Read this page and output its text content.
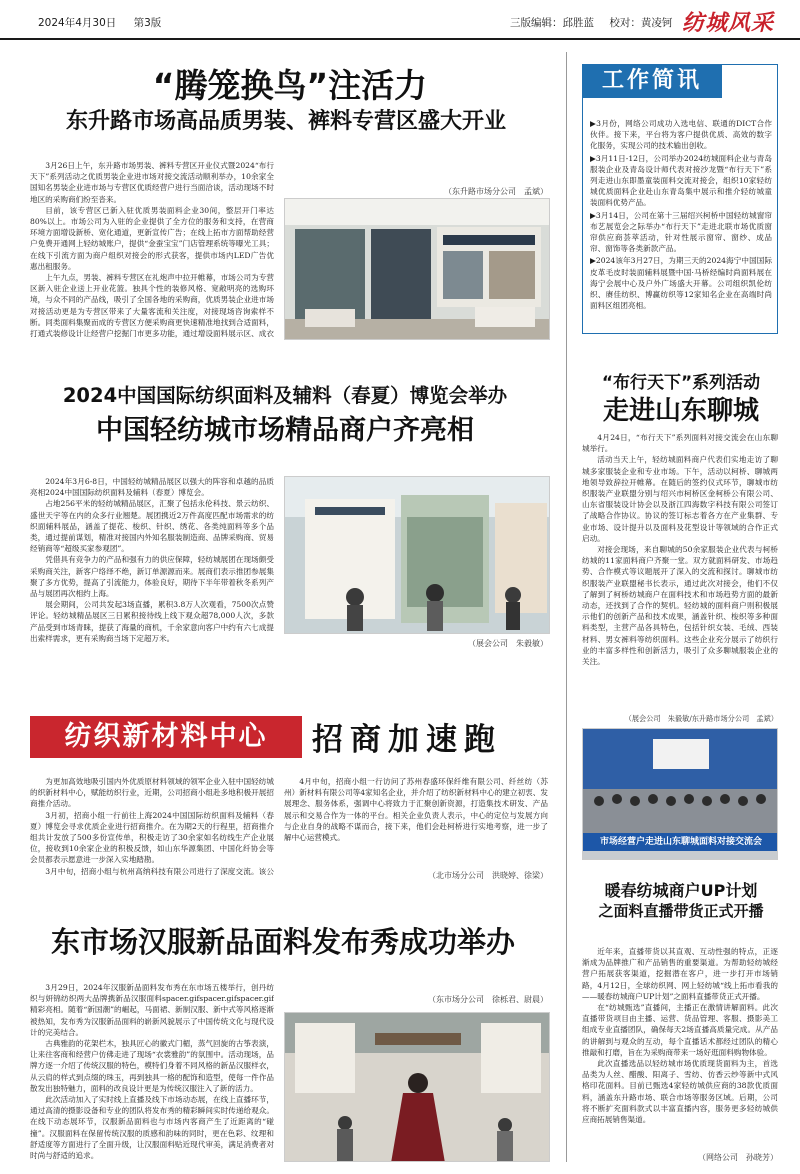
2024年4月30日 第3版	三版编辑：邱胜蓝 校对：黄凌钶 纺城风采
“腾笼换鸟”注活力
东升路市场高品质男装、裤料专营区盛大开业

3月26日上午，东升路市场男装、裤料专营区开业仪式暨2024“布行天下”系列活动之优质男装企业进市场对接交流活动顺利举办，10余家全国知名男装企业进市场与专营区优质经营户进行当面洽谈，活动现场不时地区的采购商们纷至沓来。

目前，该专营区已新入驻优质男装面料企业30间，整层开门率达80%以上。市场公司为入驻的企业提供了全方位的服务和支持，在营商环境方面增设新桥、宽化通道，更新宣传广告；在线上拓市方面帮助经营户免费开通网上轻纺城账户，提供“金蚕宝宝”门店管理系统等曝光工具；在线下引流方面为商户组织对接会的形式获客，提供市场内LED广告优惠出租服务。

上午九点，男装、裤料专营区在礼炮声中拉开帷幕，市场公司为专营区新入驻企业送上开业花篮。独具个性的装修风格、宽敞明亮的选购环境，与众不同的产品线，吸引了全国各地的采购商，优质男装企业进市场对接活动更是为专营区带来了大量客流和关注度，对接现场咨询索样不断。同类面料集聚而成的专营区方便采购商更快速精准地找到合适面料，打通式装修设计让经营户挖掘门市更多功能，通过增设面料展示区、成衣

（东升路市场分公司　孟斌）
2024中国国际纺织面料及辅料（春夏）博览会举办
中国轻纺城市场精品商户齐亮相

2024年3月6-8日，中国轻纺城精品展区以强大的阵容和卓越的品质亮相2024中国国际纺织面料及辅料（春夏）博览会。

占地256平米的轻纺城精品展区，汇聚了包括永伦科技、景云纺织、盛世天宇等在内的众多行业翘楚。展团携近2万件高度匹配市场需求的纺织面辅料展品，涵盖了提花、梭织、针织、绣花、各类纯面料等多个品类，通过提前谋划，精准对接国内外知名服装制造商、品牌采购商、贸易经销商等“超级买家参观团”。

凭借具有竞争力的产品和强有力的供应保障，轻纺城展团在现场颇受采购商关注，新客户络绎不绝，新订单源源而来。展商们表示推团参展集聚了多方优势，提高了引流能力，体验良好，期待下半年带着秋冬系列产品与展团再次相约上海。

展会期间，公司共发起3场直播，累积3.8万人次观看，7500次点赞评论。轻纺城精品展区三日累积接待线上线下观众超78,000人次，多款产品受到市场青睐，提获了海量的商机，千余家意向客户中约有六七成提出索样需求，更有采购商当场下定超万米。

（展会公司　朱毅敏）
纺织新材料中心	招商加速跑

为更加高效地吸引国内外优质原材料领域的领军企业入驻中国轻纺城的织新材料中心，赋能纺织行业，近期，公司招商小组赴多地积极开展招商推介活动。

3月初，招商小组一行前往上海2024中国国际纺织面料及辅料（春夏）博览会寻求优质企业进行招商推介。在为期2天的行程里，招商推介组共计发放了500多份宣传单，积极走访了30余家如名纺线生产企业展位，接收到10余家企业的积极反馈，如山东华源集团、中国化纤协会等会员都表示愿意进一步深入实地踏勘。

3月中旬，招商小组与杭州高纳科技有限公司进行了深度交流。该公

4月中旬，招商小组一行访问了苏州春盛环保纤维有限公司、纤丝纺（苏州）新材料有限公司等4家知名企业，并介绍了纺织新材料中心的建立初衷、发展理念、服务体系，强调中心将致力于汇聚创新资源，打造集技术研发、产品展示和交易合作为一体的平台。相关企业负责人表示，中心的定位与发展方向与企业自身的战略不谋而合，接下来，他们会赴柯桥进行实地考察，进一步了解中心运营模式。

（北市场分公司　洪晓婷、徐梁）
东市场汉服新品面料发布秀成功举办

3月29日，2024年汉服新品面料发布秀在东市场五楼举行，创丹纺织与妍锦纺织两大品牌携新品汉服面料spacer.gifspacer.gifspacer.gif精彩亮相。随着“新国潮”的崛起，马面裙、新制汉服、新中式等风格逐渐被热知，发布秀为汉服新品面料的崭新风貌展示了中国传统文化与现代设计的完美结合。

古典雅韵的花架栏木，独具匠心的徽式门楣，蒸气回旋的古筝表演，让来往客商和经营户仿佛走进了现场“衣裳雅韵”的氛围中。活动现场，品牌方逐一介绍了传统汉服的特色，模特们身着不同风格的新品汉服样衣，从云肩的样式到点缀的珠玉，再到独具一格的配饰和造型，使每一件作品散发出独特魅力，面料的改良设计更是为传统汉服注入了新的活力。

此次活动加入了实时线上直播及线下市场动态展，在线上直播环节，通过高清的摄影设备和专业的团队将发布秀的精彩瞬间实时传递给观众。在线下动态展环节，汉服新品面料也与市场内客商产生了近距离的“碰撞”。汉服面料在保留传统汉服的质感和韵味的同时，更在色彩、纹理和舒适度等方面进行了全面升级，让汉服面料贴近现代审美，满足消费者对时尚与舒适的追求。

（东市场分公司　徐栎君、尉晨）
工作简讯

▶3月份，网络公司成功入选电信、联通的DICT合作伙伴。接下来，平台将为客户提供优质、高效的数字化服务，实现公司的技术输出创收。

▶3月11日-12日，公司举办2024纺城面料企业与青岛服装企业及青岛设计师代表对接沙龙暨“布行天下”系列走进山东即墨童装面料交流对接会，组织10家轻纺城优质面料企业赴山东青岛集中展示和推介轻纺城童装面料优势产品。

▶3月14日，公司在第十三届绍兴柯桥中国轻纺城窗帘布艺展览会之际举办“布行天下”走进北联市场优质窗帘供应商荟萃活动，针对性展示窗帘、窗纱、成品帘、窗饰等各类新款产品。

▶2024该年3月27日，为期三天的2024海宁中国国际皮革毛皮时装面辅料展暨中国·马桥经编时尚面料展在海宁会展中心及户外广场盛大开幕。公司组织凯伦纺织、赓佳纺织、博赢纺织等12家知名企业在高端时尚面料区组团亮相。

“布行天下”系列活动
走进山东聊城

4月24日，“布行天下”系列面料对接交流会在山东聊城举行。

活动当天上午，轻纺城面料商户代表们实地走访了聊城多家服装企业和专业市场。下午，活动以柯桥、聊城两地领导致辞拉开帷幕。在随后的签约仪式环节，聊城市纺织服装产业联盟分别与绍兴市柯桥区金柯桥公有限公司、山东省服装设计协会以及浙江四海数字科技有限公司签订了战略合作协议。协议的签订标志着各方在产业集群、专业市场、设计提升以及面料及花型设计等领域的合作正式启动。

对接会现场，来自聊城的50余家服装企业代表与柯桥纺城的11家面料商户齐聚一堂。双方就面料研发、市场趋势、合作模式等议题展开了深入的交流和探讨。聊城市纺织服装产业联盟秘书长表示，通过此次对接会，他们不仅了解到了柯桥纺城商户在面料技术和市场趋势方面的最新动态，还找到了合作的契机。轻纺城的面料商户则积极展示他们的创新产品和技术成果，涵盖针织、梭织等多种面料类型，主营产品各具特色，包括针织女装、毛绒、西装材料、男女裤料等纺织面料。这些企业充分展示了纺织行业的丰富多样性和创新活力，吸引了众多聊城服装企业的关注。

（展会公司　朱毅敏/东升路市场分公司　孟斌）
市场经营户走进山东聊城面料对接交流会
暖春纺城商户UP计划
之面料直播带货正式开播

近年来，直播带货以其直观、互动性强的特点，正逐渐成为品牌推广和产品销售的重要渠道。为帮助轻纺城经营户拓展获客渠道，挖掘潜在客户，进一步打开市场销路，4月12日，全球纺织网、网上轻纺城“线上拓市看我的——暖春纺城商户UP计划”之面料直播带货正式开播。

在“纺城甄选”直播间，主播正在激情讲解面料。此次直播带货项目由主播、运营、货品管理、客服、摄影美工组成专业直播团队，确保每天2场直播高质量完成。从产品的讲解到与观众的互动，每个直播话术都经过团队的精心推敲和打磨，旨在为采购商带来一场好逛面料购物体验。

此次直播选品以轻纺城市场优质现货面料为主，首选品类为人丝、醋酸、阳离子、雪纺、仿香云纱等新中式风格印花面料。目前已甄选4家轻纺城供应商的38款优质面料，涵盖东升路市场、联合市场等服务区域。后期，公司将不断扩充面料款式以丰富直播内容，服务更多轻纺城供应商拓展销售渠道。

（网络公司　孙晓芳）
